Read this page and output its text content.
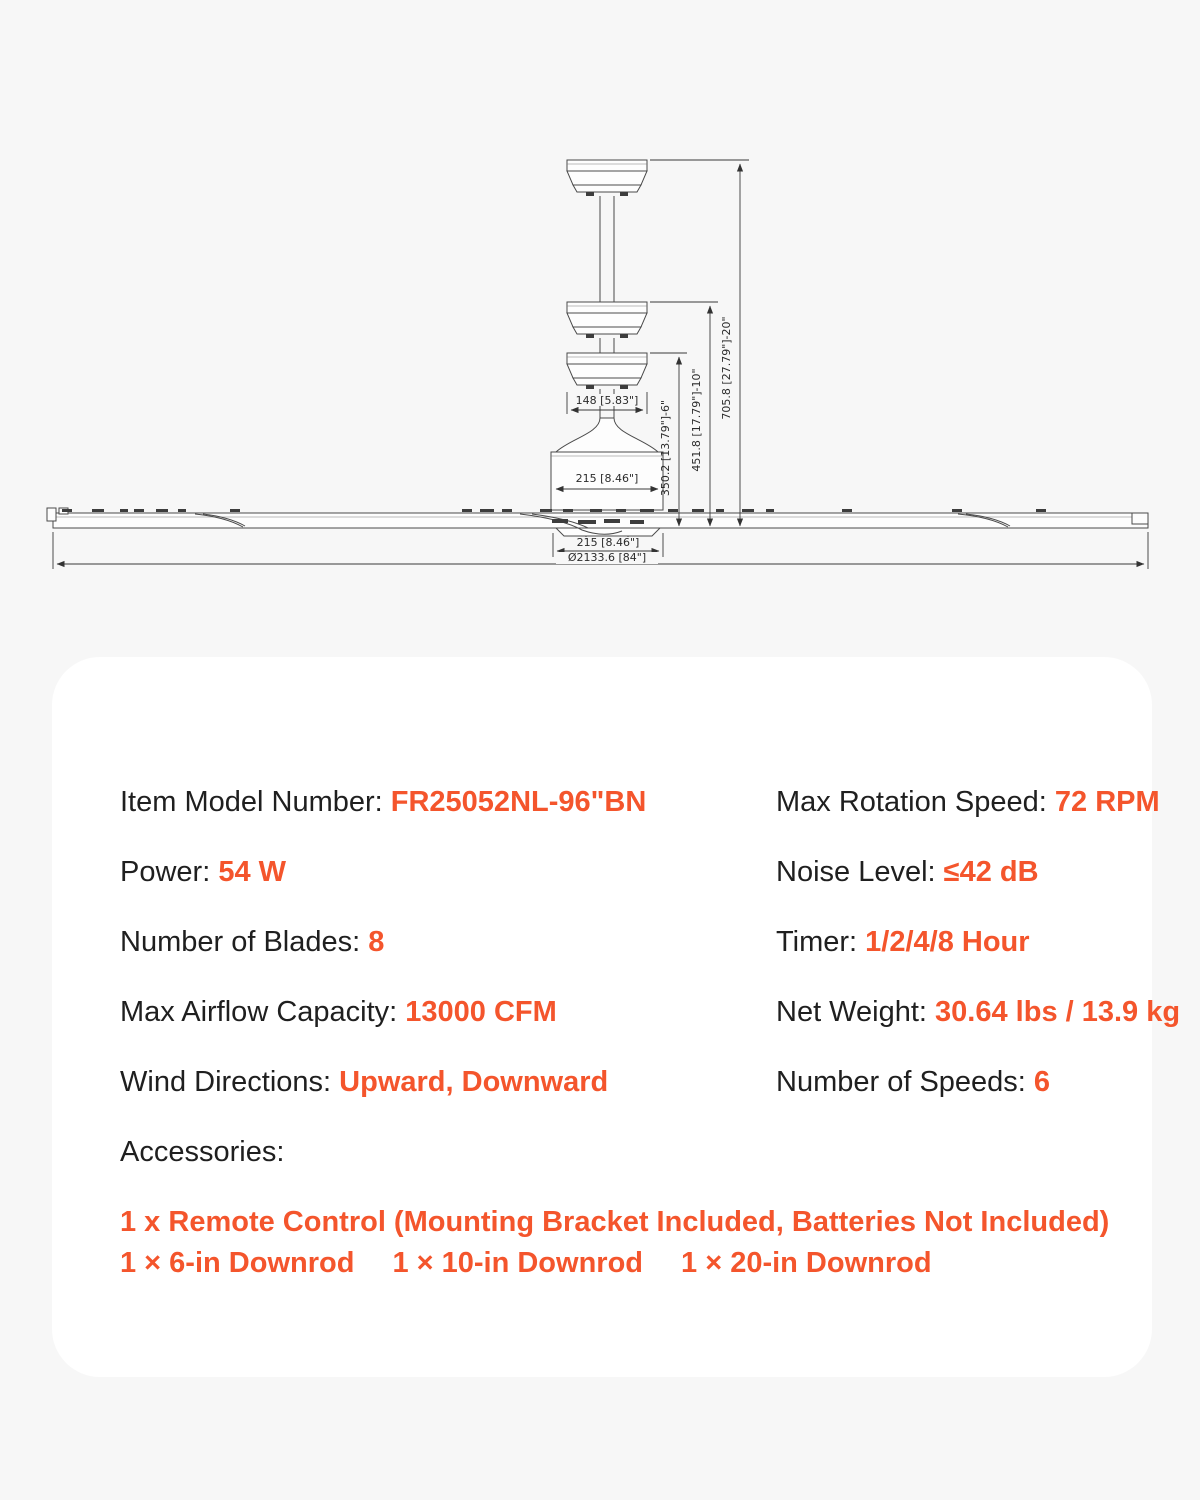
148 [5.83"]
215 [8.46"]
215 [8.46"]
Ø2133.6 [84"]
350.2 [13.79"]-6" 451.8 [17.79"]-10"
705.8 [27.79"]-20"

Item Model Number: FR25052NL-96"BN	Max Rotation Speed: 72 RPM

Power: 54 W	Noise Level: ≤42 dB

Number of Blades: 8	Timer: 1/2/4/8 Hour

Max Airflow Capacity: 13000 CFM	Net Weight: 30.64 lbs / 13.9 kg

Wind Directions: Upward, Downward	Number of Speeds: 6

Accessories:

1 x Remote Control (Mounting Bracket Included, Batteries Not Included)

1 × 6-in Downrod 1 × 10-in Downrod 1 × 20-in Downrod
